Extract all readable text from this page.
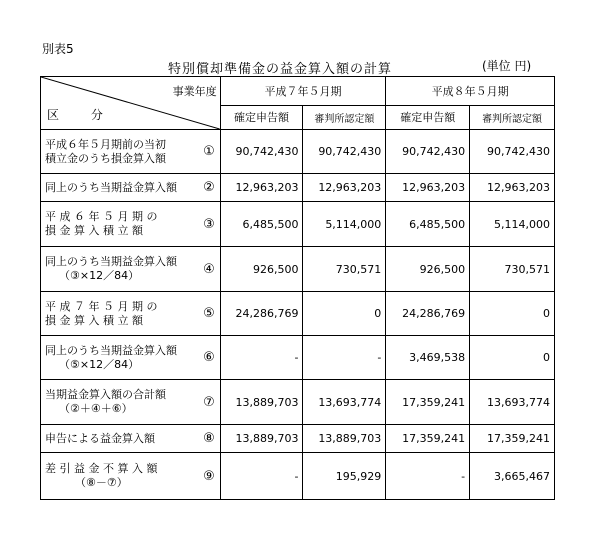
別表5
特別償却準備金の益金算入額の計算	(単位 円)
事業年度
区 分		平成７年５月期		平成８年５月期	
		確定申告額	審判所認定額	確定申告額	審判所認定額

平成６年５月期前の当初
積立金のうち損金算入額	①	90,742,430	90,742,430	90,742,430	90,742,430
同上のうち当期益金算入額	②	12,963,203	12,963,203	12,963,203	12,963,203

平 成 ６ 年 ５ 月 期 の
損 金 算 入 積 立 額	③	6,485,500	5,114,000	6,485,500	5,114,000

同上のうち当期益金算入額
（③×12／84）	④	926,500	730,571	926,500	730,571

平 成 ７ 年 ５ 月 期 の
損 金 算 入 積 立 額	⑤	24,286,769	0	24,286,769	0

同上のうち当期益金算入額
（⑤×12／84）	⑥	-	-	3,469,538	0

当期益金算入額の合計額
（②＋④＋⑥）	⑦	13,889,703	13,693,774	17,359,241	13,693,774
申告による益金算入額	⑧	13,889,703	13,889,703	17,359,241	17,359,241

差 引 益 金 不 算 入 額
（⑧－⑦）	⑨	-	195,929	-	3,665,467
